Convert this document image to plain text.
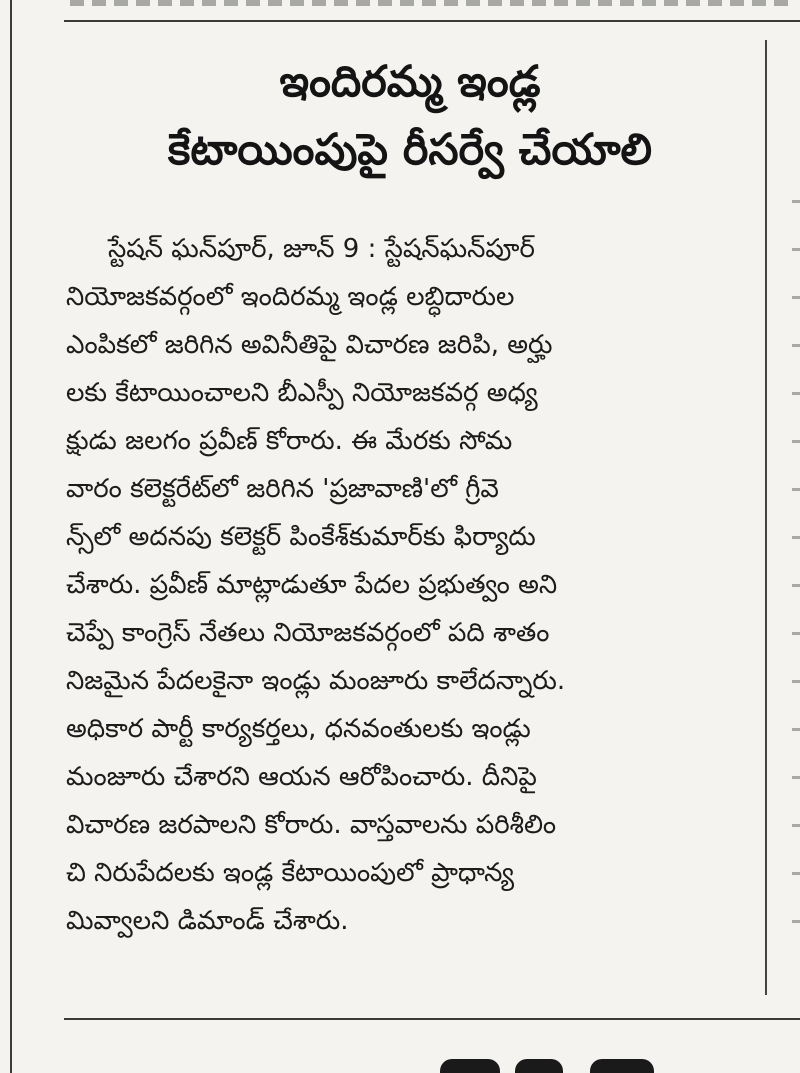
ఇందిరమ్మ ఇండ్ల
కేటాయింపుపై రీసర్వే చేయాలి
స్టేషన్ ఘన్‌పూర్, జూన్ 9 : స్టేషన్‌ఘన్‌పూర్
నియోజకవర్గంలో ఇందిరమ్మ ఇండ్ల లబ్ధిదారుల
ఎంపికలో జరిగిన అవినీతిపై విచారణ జరిపి, అర్హు
లకు కేటాయించాలని బీఎస్పీ నియోజకవర్గ అధ్య
క్షుడు జలగం ప్రవీణ్ కోరారు. ఈ మేరకు సోమ
వారం కలెక్టరేట్‌లో జరిగిన 'ప్రజావాణి'లో గ్రీవె
న్స్‌లో అదనపు కలెక్టర్ పింకేశ్‌కుమార్‌కు ఫిర్యాదు
చేశారు. ప్రవీణ్ మాట్లాడుతూ పేదల ప్రభుత్వం అని
చెప్పే కాంగ్రెస్ నేతలు నియోజకవర్గంలో పది శాతం
నిజమైన పేదలకైనా ఇండ్లు మంజూరు కాలేదన్నారు.
అధికార పార్టీ కార్యకర్తలు, ధనవంతులకు ఇండ్లు
మంజూరు చేశారని ఆయన ఆరోపించారు. దీనిపై
విచారణ జరపాలని కోరారు. వాస్తవాలను పరిశీలిం
చి నిరుపేదలకు ఇండ్ల కేటాయింపులో ప్రాధాన్య
మివ్వాలని డిమాండ్ చేశారు.
